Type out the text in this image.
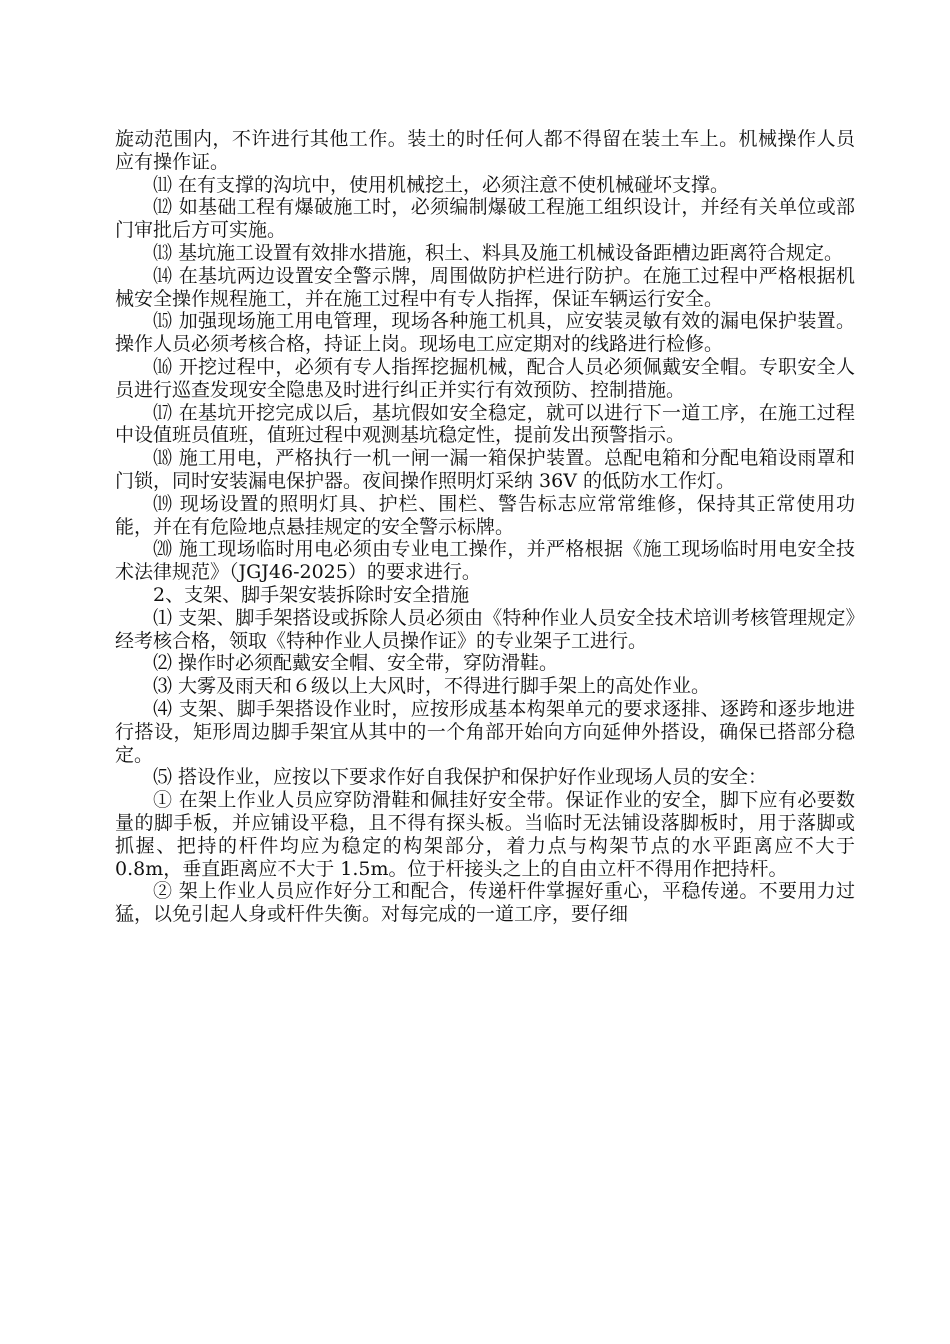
旋动范围内，不许进行其他工作。装土的时任何人都不得留在装土车上。机械操作人员应有操作证。

⑾ 在有支撑的沟坑中，使用机械挖土，必须注意不使机械碰坏支撑。

⑿ 如基础工程有爆破施工时，必须编制爆破工程施工组织设计，并经有关单位或部门审批后方可实施。

⒀ 基坑施工设置有效排水措施，积土、料具及施工机械设备距槽边距离符合规定。

⒁ 在基坑两边设置安全警示牌，周围做防护栏进行防护。在施工过程中严格根据机械安全操作规程施工，并在施工过程中有专人指挥，保证车辆运行安全。

⒂ 加强现场施工用电管理，现场各种施工机具，应安装灵敏有效的漏电保护装置。操作人员必须考核合格，持证上岗。现场电工应定期对的线路进行检修。

⒃ 开挖过程中，必须有专人指挥挖掘机械，配合人员必须佩戴安全帽。专职安全人员进行巡查发现安全隐患及时进行纠正并实行有效预防、控制措施。

⒄ 在基坑开挖完成以后，基坑假如安全稳定，就可以进行下一道工序，在施工过程中设值班员值班，值班过程中观测基坑稳定性，提前发出预警指示。

⒅ 施工用电，严格执行一机一闸一漏一箱保护装置。总配电箱和分配电箱设雨罩和门锁，同时安装漏电保护器。夜间操作照明灯采纳 36V 的低防水工作灯。

⒆ 现场设置的照明灯具、护栏、围栏、警告标志应常常维修，保持其正常使用功能，并在有危险地点悬挂规定的安全警示标牌。

⒇ 施工现场临时用电必须由专业电工操作，并严格根据《施工现场临时用电安全技术法律规范》（JGJ46-2025）的要求进行。

2、支架、脚手架安装拆除时安全措施

⑴ 支架、脚手架搭设或拆除人员必须由《特种作业人员安全技术培训考核管理规定》经考核合格，领取《特种作业人员操作证》的专业架子工进行。

⑵ 操作时必须配戴安全帽、安全带，穿防滑鞋。

⑶ 大雾及雨天和６级以上大风时，不得进行脚手架上的高处作业。

⑷ 支架、脚手架搭设作业时，应按形成基本构架单元的要求逐排、逐跨和逐步地进行搭设，矩形周边脚手架宜从其中的一个角部开始向方向延伸外搭设，确保已搭部分稳定。

⑸ 搭设作业，应按以下要求作好自我保护和保护好作业现场人员的安全：

① 在架上作业人员应穿防滑鞋和佩挂好安全带。保证作业的安全，脚下应有必要数量的脚手板，并应铺设平稳，且不得有探头板。当临时无法铺设落脚板时，用于落脚或抓握、把持的杆件均应为稳定的构架部分，着力点与构架节点的水平距离应不大于 0.8m，垂直距离应不大于 1.5m。位于杆接头之上的自由立杆不得用作把持杆。

② 架上作业人员应作好分工和配合，传递杆件掌握好重心，平稳传递。不要用力过猛，以免引起人身或杆件失衡。对每完成的一道工序，要仔细
